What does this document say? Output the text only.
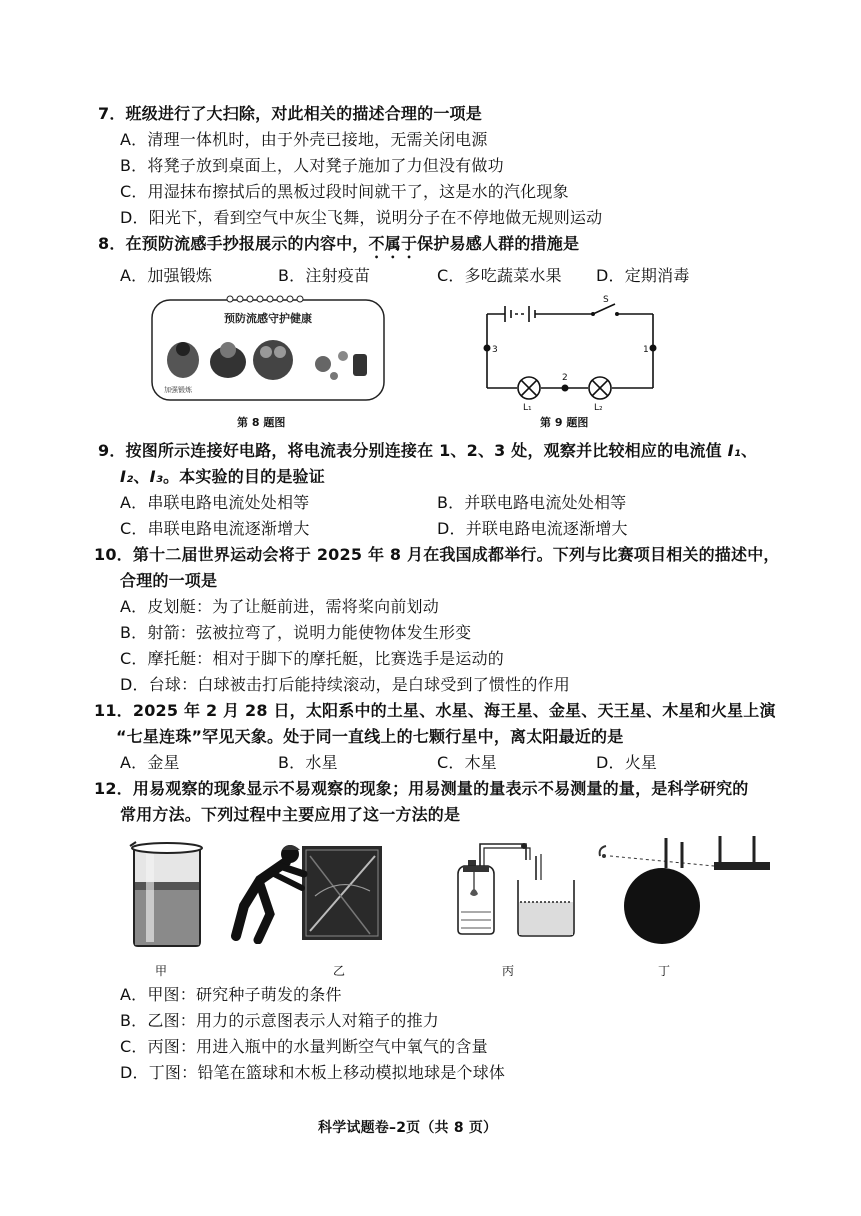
7．班级进行了大扫除，对此相关的描述合理的一项是
A．清理一体机时，由于外壳已接地，无需关闭电源
B．将凳子放到桌面上，人对凳子施加了力但没有做功
C．用湿抹布擦拭后的黑板过段时间就干了，这是水的汽化现象
D．阳光下，看到空气中灰尘飞舞，说明分子在不停地做无规则运动
8．在预防流感手抄报展示的内容中，不属于保护易感人群的措施是
A．加强锻炼	B．注射疫苗	C．多吃蔬菜水果 D．定期消毒
预防流感守护健康
加强锻炼
第 8 题图
S
1
2
3
L₁	L₂
第 9 题图
9．按图所示连接好电路，将电流表分别连接在 1、2、3 处，观察并比较相应的电流值 I₁、
I₂、I₃。本实验的目的是验证
A．串联电路电流处处相等	B．并联电路电流处处相等
C．串联电路电流逐渐增大	D．并联电路电流逐渐增大
10．第十二届世界运动会将于 2025 年 8 月在我国成都举行。下列与比赛项目相关的描述中，
合理的一项是
A．皮划艇：为了让艇前进，需将桨向前划动
B．射箭：弦被拉弯了，说明力能使物体发生形变
C．摩托艇：相对于脚下的摩托艇，比赛选手是运动的
D．台球：白球被击打后能持续滚动，是白球受到了惯性的作用
11．2025 年 2 月 28 日，太阳系中的土星、水星、海王星、金星、天王星、木星和火星上演
“七星连珠”罕见天象。处于同一直线上的七颗行星中，离太阳最近的是
A．金星	B．水星	C．木星	D．火星
12．用易观察的现象显示不易观察的现象；用易测量的量表示不易测量的量，是科学研究的
常用方法。下列过程中主要应用了这一方法的是
甲	乙	丙	丁
A．甲图：研究种子萌发的条件
B．乙图：用力的示意图表示人对箱子的推力
C．丙图：用进入瓶中的水量判断空气中氧气的含量
D．丁图：铅笔在篮球和木板上移动模拟地球是个球体
科学试题卷–2页（共 8 页）
